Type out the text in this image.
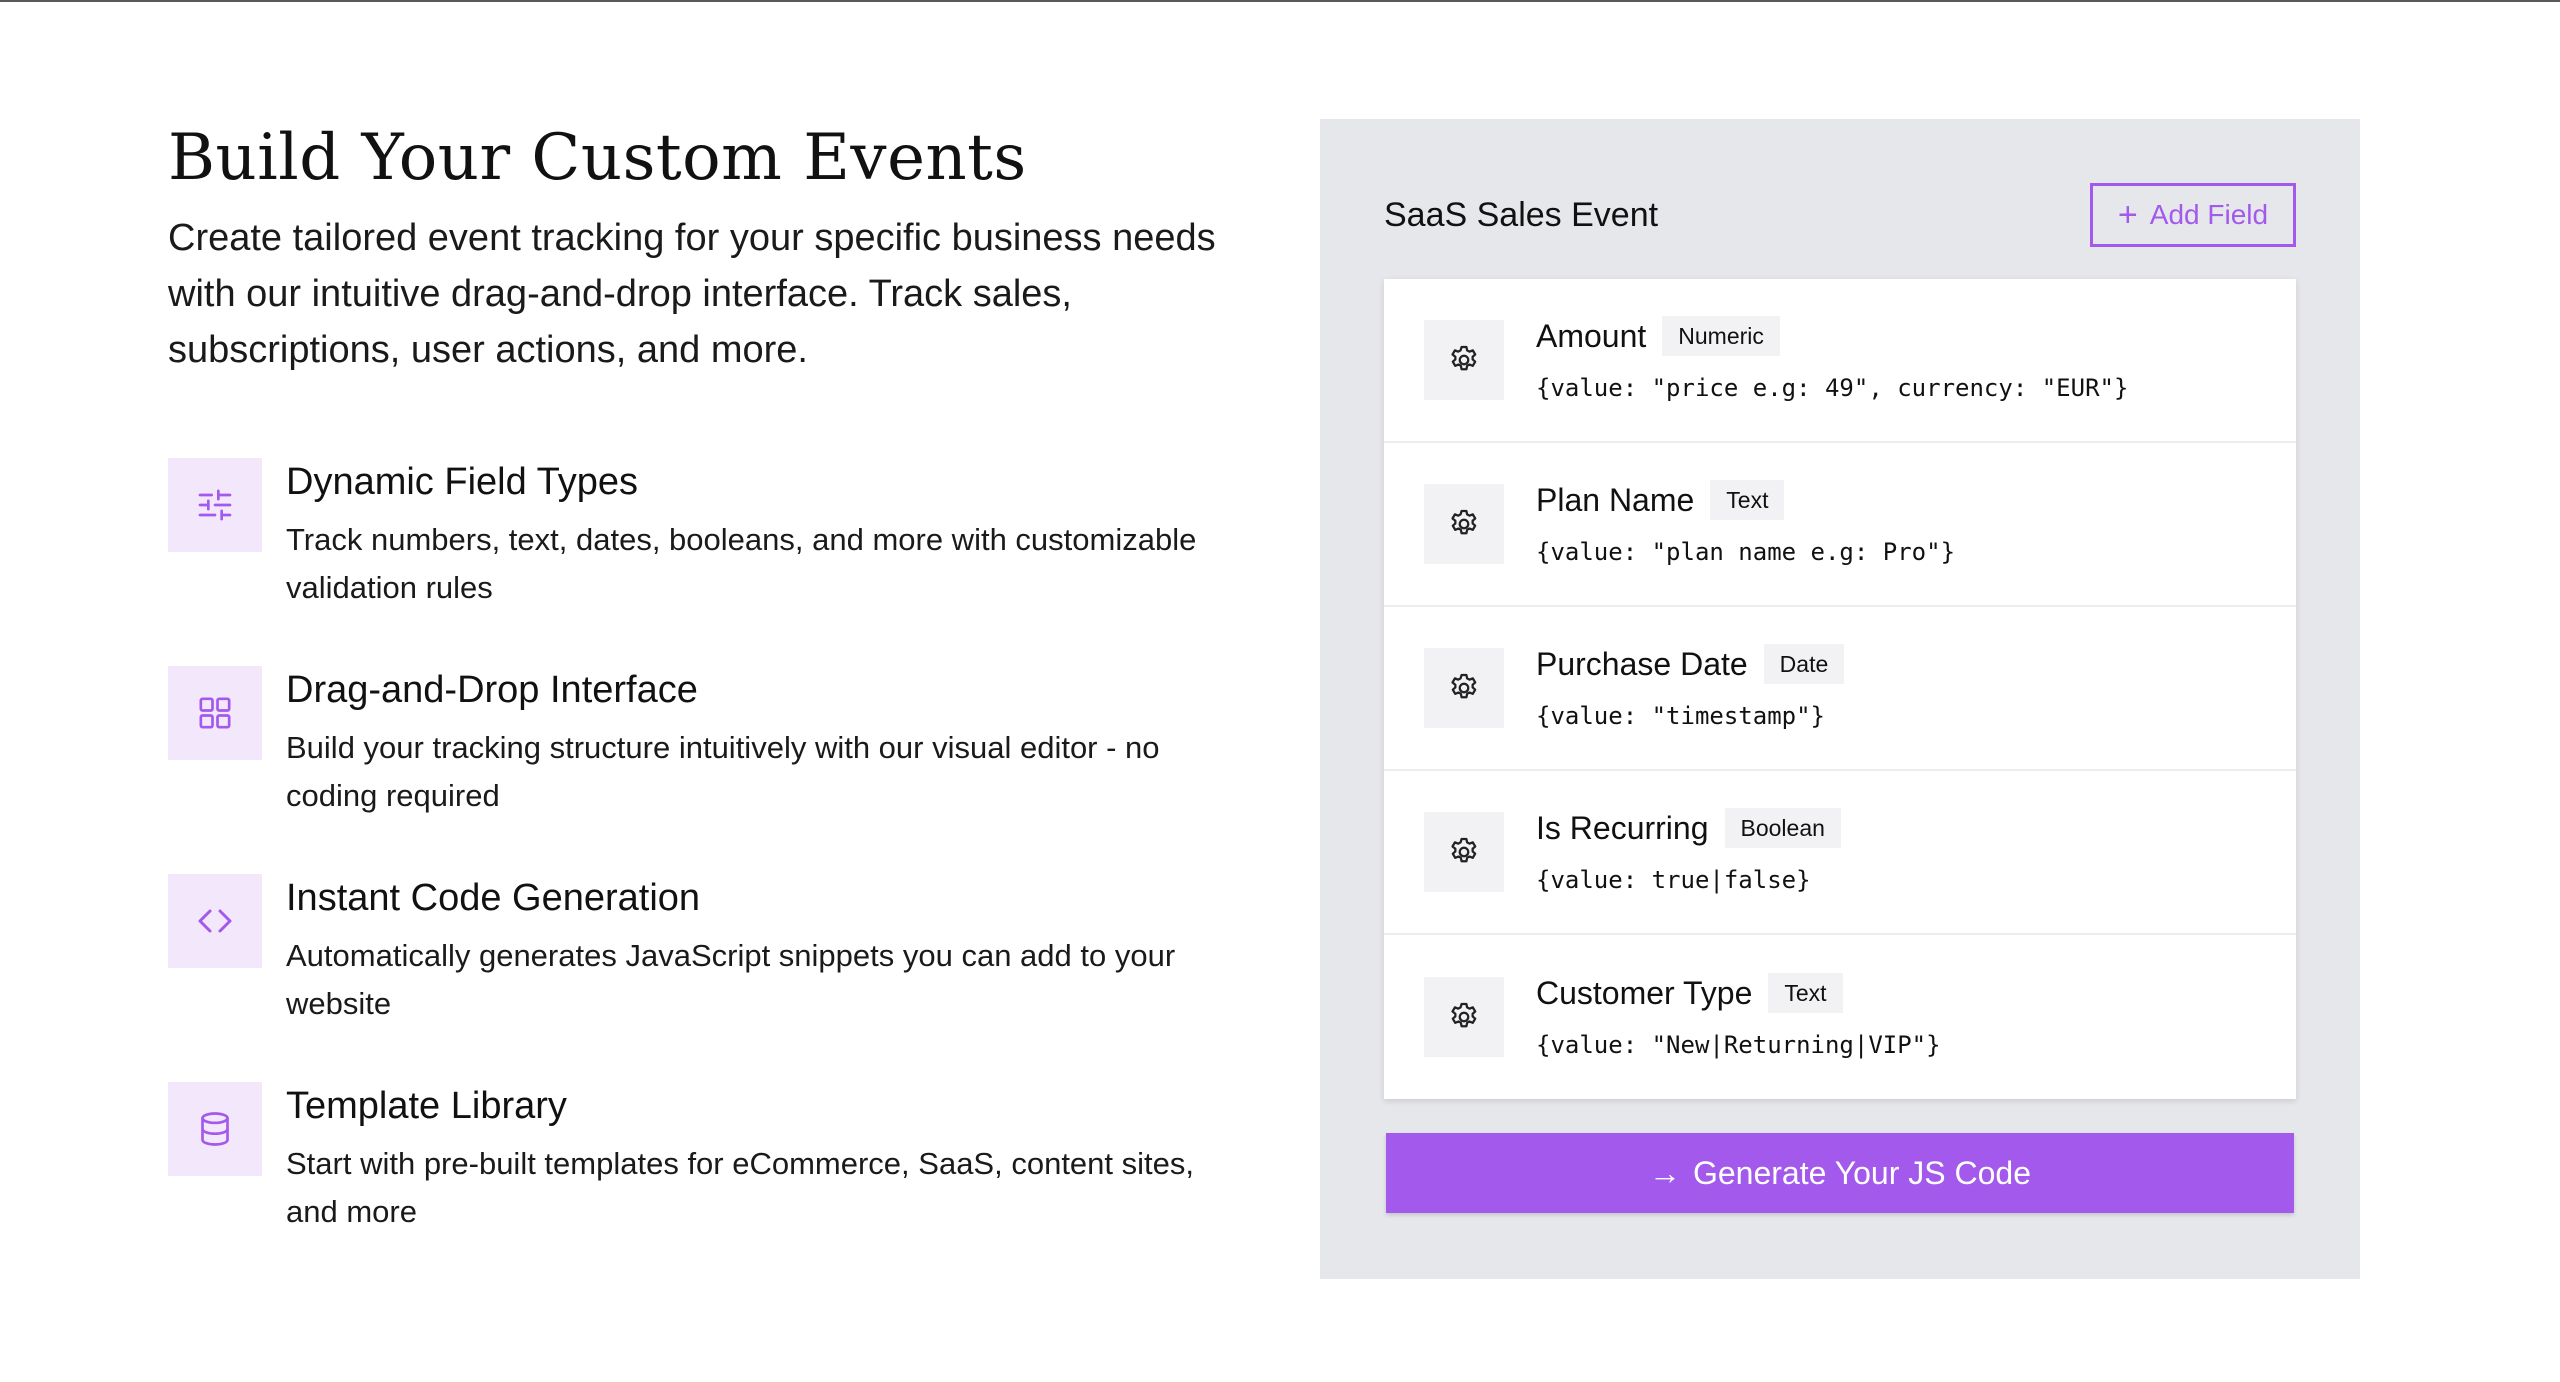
Build Your Custom Events

Create tailored event tracking for your specific business needs with our intuitive drag-and-drop interface. Track sales, subscriptions, user actions, and more.

Dynamic Field Types
Track numbers, text, dates, booleans, and more with customizable validation rules
Drag-and-Drop Interface
Build your tracking structure intuitively with our visual editor - no coding required
Instant Code Generation
Automatically generates JavaScript snippets you can add to your website
Template Library
Start with pre-built templates for eCommerce, SaaS, content sites, and more
SaaS Sales Event	+ Add Field
Amount	Numeric
{value: "price e.g: 49", currency: "EUR"}
Plan Name	Text
{value: "plan name e.g: Pro"}
Purchase Date	Date
{value: "timestamp"}
Is Recurring	Boolean
{value: true|false}
Customer Type	Text
{value: "New|Returning|VIP"}
→ Generate Your JS Code
